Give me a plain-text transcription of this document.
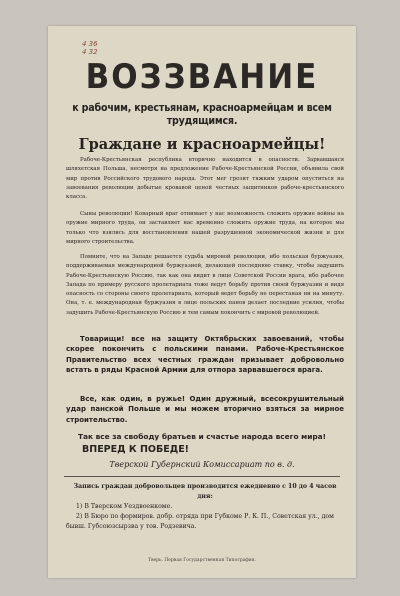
4 36
4 32
ВОЗЗВАНИЕ
к рабочим, крестьянам, красноармейцам и всем трудящимся.
Граждане и красноармейцы!
Рабоче-Крестьянская республика вторично находится в опасности. Зарвавшаяся шляхетская Польша, несмотря на предложение Рабоче-Крестьянской России, объявила свой мир против Российского трудового народа. Этот мег грозит тяжким ударом опуститься на завоевания революции добытые кровавой ценой честных защитников рабоче-крестьянского класса.
Сыны революции! Коварный враг отнимает у нас возможность сложить оружие войны на оружие мирного труда, он заставляет нас временно сложить оружие труда, на которое мы только что взялись для восстановления нашей разрушенной экономической жизни и для мирного строительства.
Помните, что на Западе решается судьба мировой революции, ибо польская буржуазия, поддерживаемая международной буржуазией, делающей последнюю ставку, чтобы задушить Рабоче-Крестьянскую Россию, так как она видит в лице Советской России врага, ибо рабочее Запада по примеру русского пролетариата тоже ведут борьбу против своей буржуазии и видя опасность со стороны своего пролетариата, который ведет борьбу не перестаная ни на минуту. Она, т. е. международная буржуазия в лице польских панов делает последние усилия, чтобы задушить Рабоче-Крестьянскую Россию и тем самым покончить с мировой революцией.
Товарищи! все на защиту Октябрьских завоеваний, чтобы скорее покончить с польскими панами. Рабоче-Крестьянское Правительство всех честных граждан призывает добровольно встать в ряды Красной Армии для отпора зарвавшегося врага.
Все, как один, в ружье! Один дружный, всесокрушительный удар панской Польше и мы можем вторично взяться за мирное строительство.
Так все за свободу братьев и счастье народа всего мира!
ВПЕРЕД К ПОБЕДЕ!
Тверской Губернский Комиссариат по в. д.
Запись граждан добровольцев производится ежедневно с 10 до 4 часов дня:
1) В Тверском Уездвоенкоме.
2) В Бюро по формиров. добр. отряда при Губкоме Р. К. П., Советская ул., дом бывш. Губсоюзсырзва у тов. Родзевича.
Тверь. Первая Государственная Типография.
